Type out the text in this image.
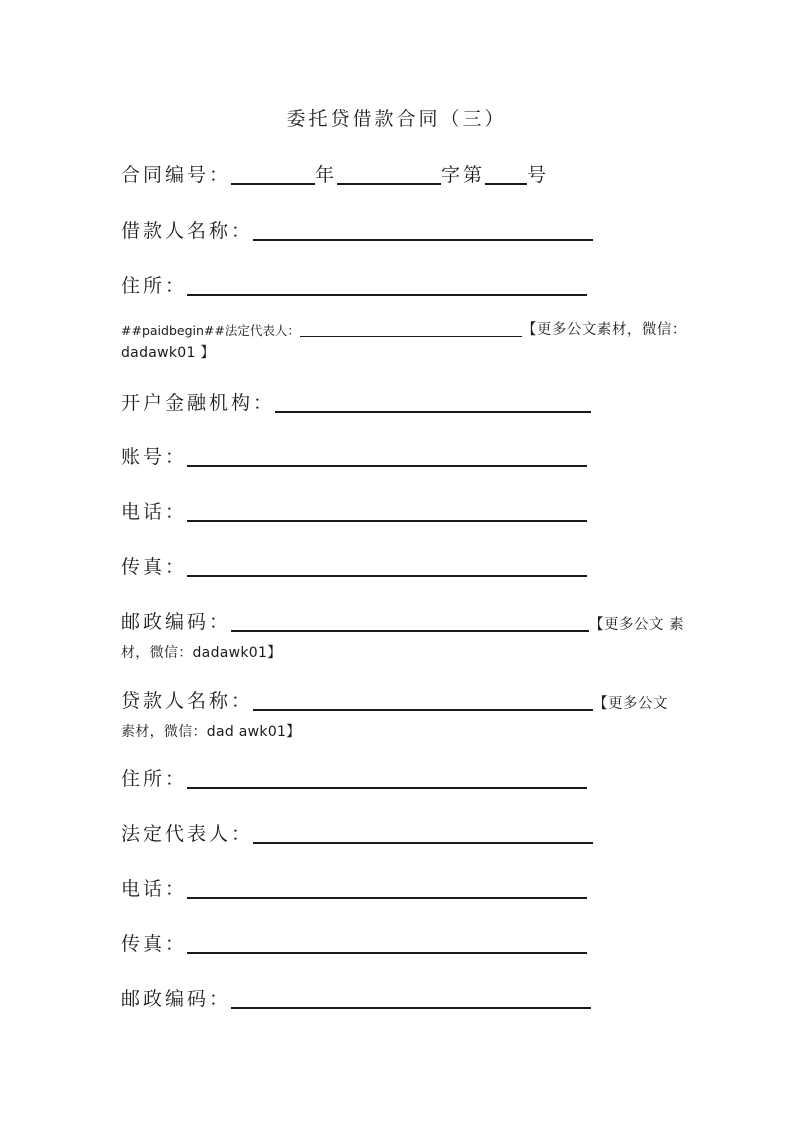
委托贷借款合同（三）
合同编号：	年	字第 号
借款人名称：
住所：
##paidbegin##法定代表人：	【更多公文素材，微信：
dadawk01 】
开户金融机构：
账号：
电话：
传真：
邮政编码：	【更多公文 素
材，微信：dadawk01】
贷款人名称：	【更多公文
素材，微信：dad awk01】
住所：
法定代表人：
电话：
传真：
邮政编码：
